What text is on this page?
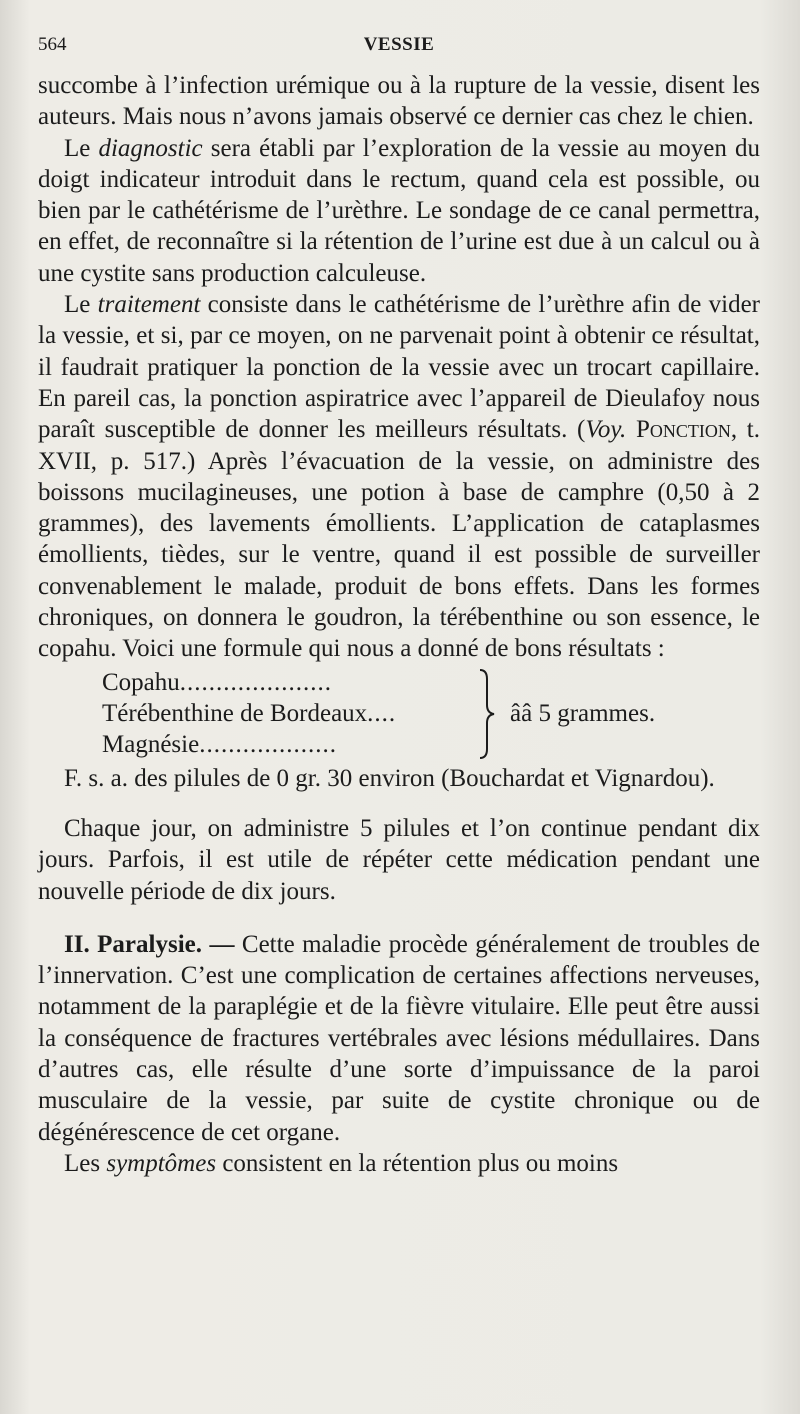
564	VESSIE

succombe à l’infection urémique ou à la rupture de la vessie, disent les auteurs. Mais nous n’avons jamais observé ce dernier cas chez le chien.

Le diagnostic sera établi par l’exploration de la vessie au moyen du doigt indicateur introduit dans le rectum, quand cela est possible, ou bien par le cathétérisme de l’urèthre. Le sondage de ce canal permettra, en effet, de reconnaître si la rétention de l’urine est due à un calcul ou à une cystite sans production calculeuse.

Le traitement consiste dans le cathétérisme de l’urèthre afin de vider la vessie, et si, par ce moyen, on ne parvenait point à obtenir ce résultat, il faudrait pratiquer la ponction de la vessie avec un trocart capillaire. En pareil cas, la ponction aspiratrice avec l’appareil de Dieulafoy nous paraît susceptible de donner les meilleurs résultats. (Voy. Ponction, t. XVII, p. 517.) Après l’évacuation de la vessie, on administre des boissons mucilagineuses, une potion à base de camphre (0,50 à 2 grammes), des lavements émollients. L’application de cataplasmes émollients, tièdes, sur le ventre, quand il est possible de surveiller convenablement le malade, produit de bons effets. Dans les formes chroniques, on donnera le goudron, la térébenthine ou son essence, le copahu. Voici une formule qui nous a donné de bons résultats :

Copahu.....................
Térébenthine de Bordeaux....
Magnésie...................
ââ 5 grammes.

F. s. a. des pilules de 0 gr. 30 environ (Bouchardat et Vignardou).

Chaque jour, on administre 5 pilules et l’on continue pendant dix jours. Parfois, il est utile de répéter cette médication pendant une nouvelle période de dix jours.

II. Paralysie. — Cette maladie procède généralement de troubles de l’innervation. C’est une complication de certaines affections nerveuses, notamment de la paraplégie et de la fièvre vitulaire. Elle peut être aussi la conséquence de fractures vertébrales avec lésions médullaires. Dans d’autres cas, elle résulte d’une sorte d’impuissance de la paroi musculaire de la vessie, par suite de cystite chronique ou de dégénérescence de cet organe.

Les symptômes consistent en la rétention plus ou moins
